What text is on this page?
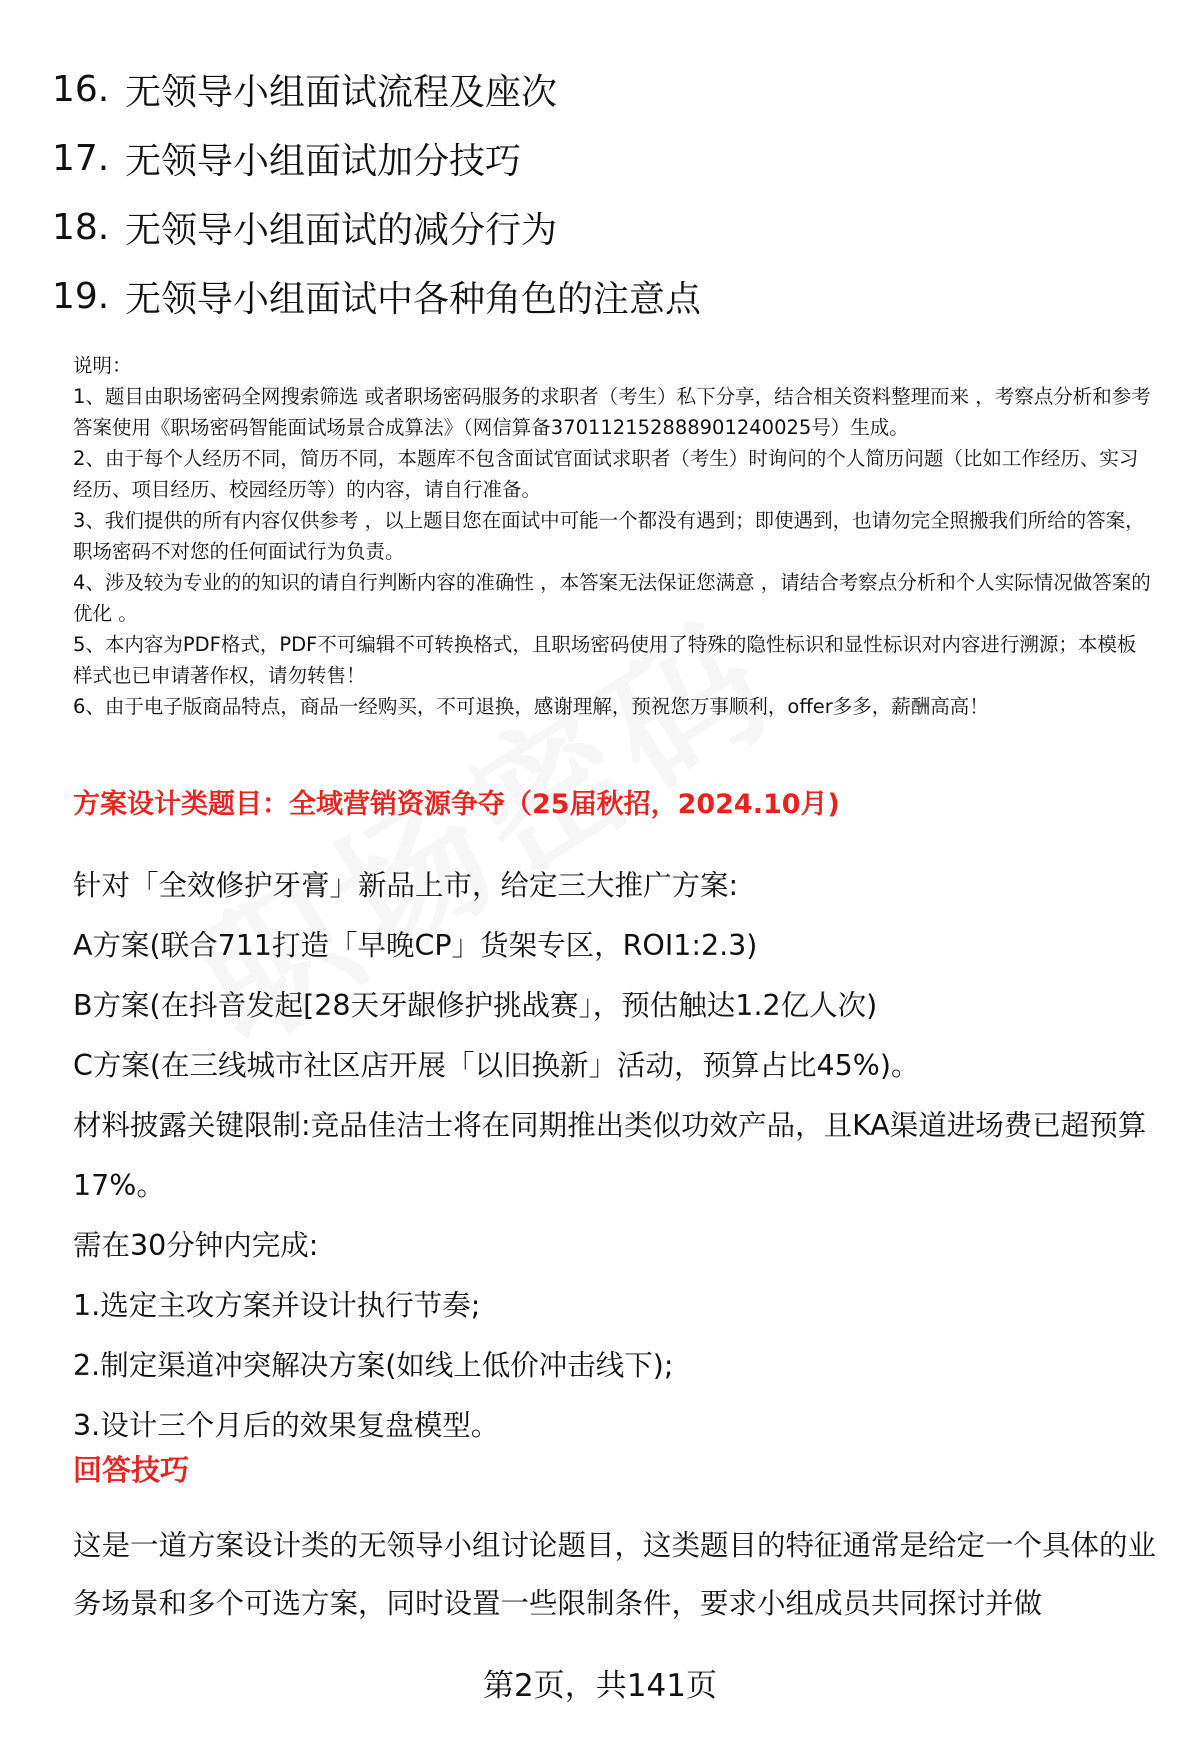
16. 无领导小组面试流程及座次
17. 无领导小组面试加分技巧
18. 无领导小组面试的减分行为
19. 无领导小组面试中各种角色的注意点

说明：

1、题目由职场密码全网搜索筛选 或者职场密码服务的求职者（考生）私下分享，结合相关资料整理而来 ，考察点分析和参考答案使用《职场密码智能面试场景合成算法》（网信算备370112152888901240025号）生成。

2、由于每个人经历不同，简历不同，本题库不包含面试官面试求职者（考生）时询问的个人简历问题（比如工作经历、实习经历、项目经历、校园经历等）的内容，请自行准备。

3、我们提供的所有内容仅供参考 ，以上题目您在面试中可能一个都没有遇到；即使遇到，也请勿完全照搬我们所给的答案，职场密码不对您的任何面试行为负责。

4、涉及较为专业的的知识的请自行判断内容的准确性 ，本答案无法保证您满意 ，请结合考察点分析和个人实际情况做答案的优化 。

5、本内容为PDF格式，PDF不可编辑不可转换格式，且职场密码使用了特殊的隐性标识和显性标识对内容进行溯源；本模板样式也已申请著作权，请勿转售！

6、由于电子版商品特点，商品一经购买，不可退换，感谢理解，预祝您万事顺利，offer多多，薪酬高高！

方案设计类题目：全域营销资源争夺（25届秋招，2024.10月)

针对「全效修护牙膏」新品上市，给定三大推广方案:

A方案(联合711打造「早晚CP」货架专区，ROI1:2.3)

B方案(在抖音发起[28天牙龈修护挑战赛」，预估触达1.2亿人次)

C方案(在三线城市社区店开展「以旧换新」活动，预算占比45%)。

材料披露关键限制:竞品佳洁士将在同期推出类似功效产品，且KA渠道进场费已超预算17%。

需在30分钟内完成:

1.选定主攻方案并设计执行节奏;

2.制定渠道冲突解决方案(如线上低价冲击线下);

3.设计三个月后的效果复盘模型。

回答技巧
这是一道方案设计类的无领导小组讨论题目，这类题目的特征通常是给定一个具体的业务场景和多个可选方案，同时设置一些限制条件，要求小组成员共同探讨并做
第2页，共141页
